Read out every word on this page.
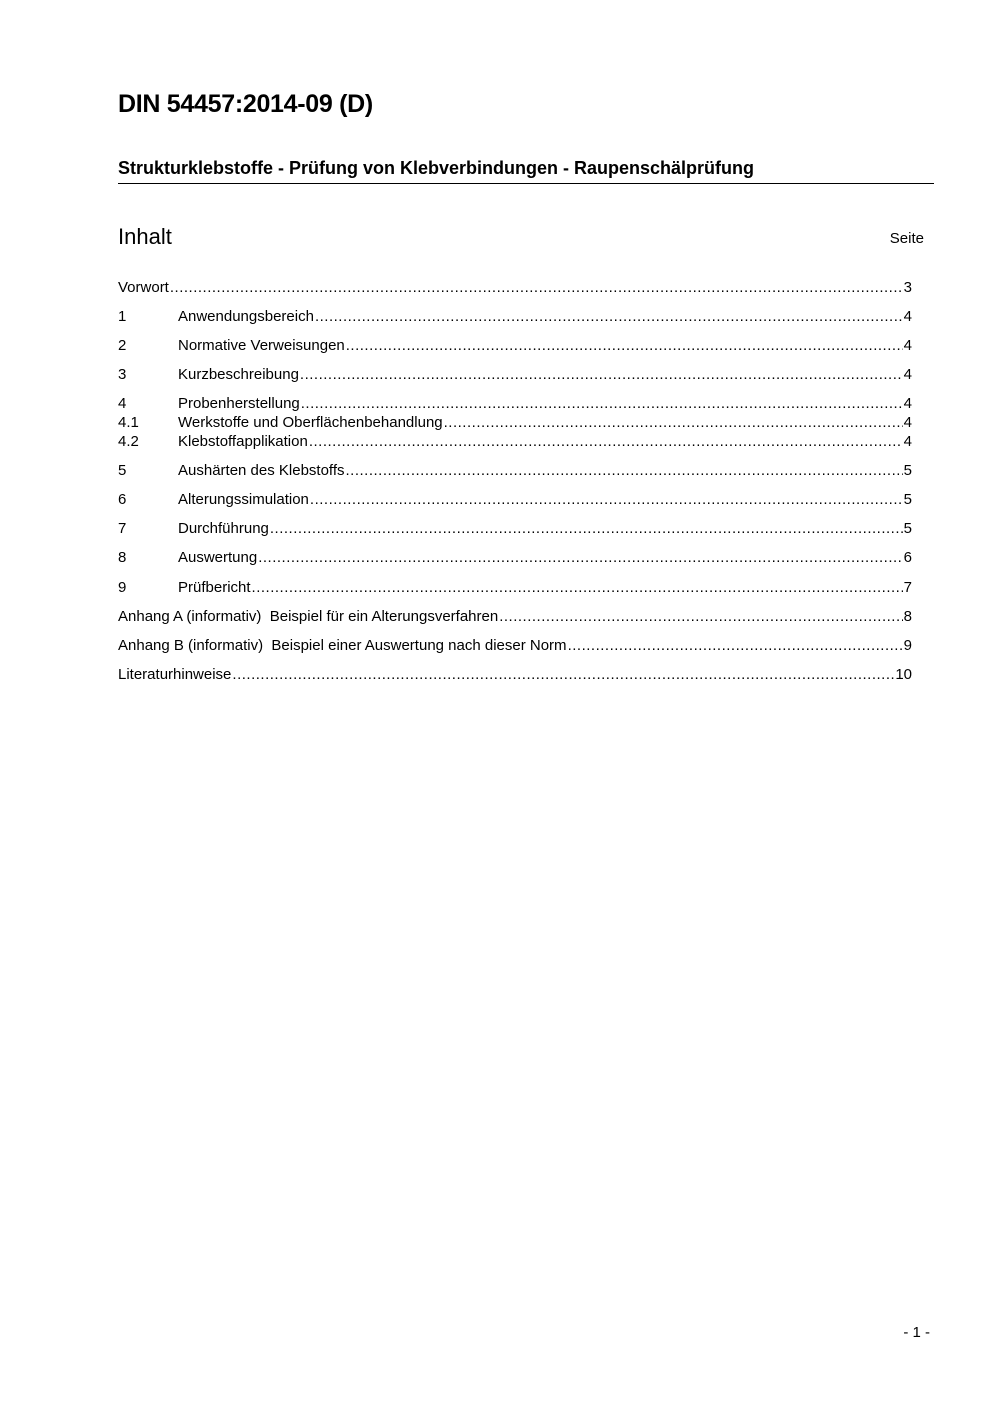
DIN 54457:2014-09 (D)
Strukturklebstoffe - Prüfung von Klebverbindungen - Raupenschälprüfung
Inhalt	Seite
Vorwort .....	3
1	Anwendungsbereich .....	4
2	Normative Verweisungen .....	4
3	Kurzbeschreibung .....	4
4	Probenherstellung .....	4
4.1	Werkstoffe und Oberflächenbehandlung .....	4
4.2	Klebstoffapplikation .....	4
5	Aushärten des Klebstoffs .....	5
6	Alterungssimulation .....	5
7	Durchführung .....	5
8	Auswertung .....	6
9	Prüfbericht .....	7
Anhang A (informativ)  Beispiel für ein Alterungsverfahren .....	8
Anhang B (informativ)  Beispiel einer Auswertung nach dieser Norm .....	9
Literaturhinweise .....	10
- 1 -
